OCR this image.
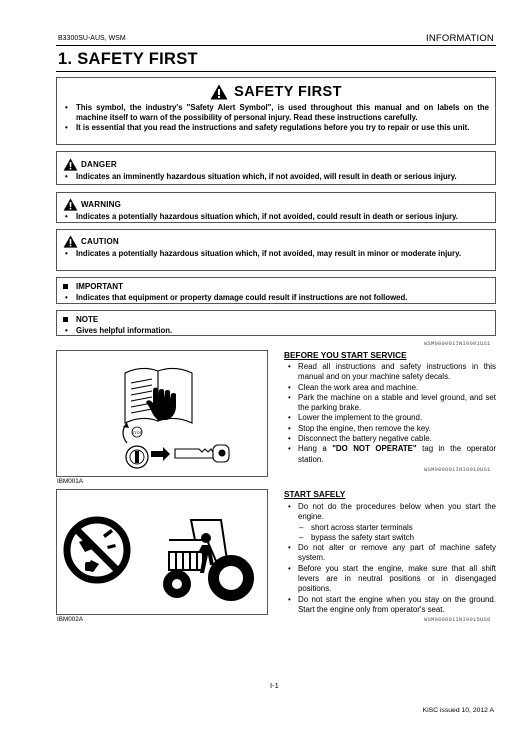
B3300SU-AUS, WSM	INFORMATION
1. SAFETY FIRST
SAFETY FIRST
• This symbol, the industry's "Safety Alert Symbol", is used throughout this manual and on labels on the machine itself to warn of the possibility of personal injury. Read these instructions carefully.
• It is essential that you read the instructions and safety regulations before you try to repair or use this unit.
DANGER
• Indicates an imminently hazardous situation which, if not avoided, will result in death or serious injury.
WARNING
• Indicates a potentially hazardous situation which, if not avoided, could result in death or serious injury.
CAUTION
• Indicates a potentially hazardous situation which, if not avoided, may result in minor or moderate injury.
IMPORTANT
• Indicates that equipment or property damage could result if instructions are not followed.
NOTE
• Gives helpful information.
WSM000001INI0001US1
STOP
IBM001A
IBM002A
BEFORE YOU START SERVICE
• Read all instructions and safety instructions in this manual and on your machine safety decals.
• Clean the work area and machine.
• Park the machine on a stable and level ground, and set the parking brake.
• Lower the implement to the ground.
• Stop the engine, then remove the key.
• Disconnect the battery negative cable.
• Hang a "DO NOT OPERATE" tag in the operator station.
WSM000001INI0010US1
START SAFELY
• Do not do the procedures below when you start the engine.
– short across starter terminals
– bypass the safety start switch
• Do not alter or remove any part of machine safety system.
• Before you start the engine, make sure that all shift levers are in neutral positions or in disengaged positions.
• Do not start the engine when you stay on the ground. Start the engine only from operator's seat.
WSM000001INI0015US0
I-1
KiSC issued 10, 2012 A
